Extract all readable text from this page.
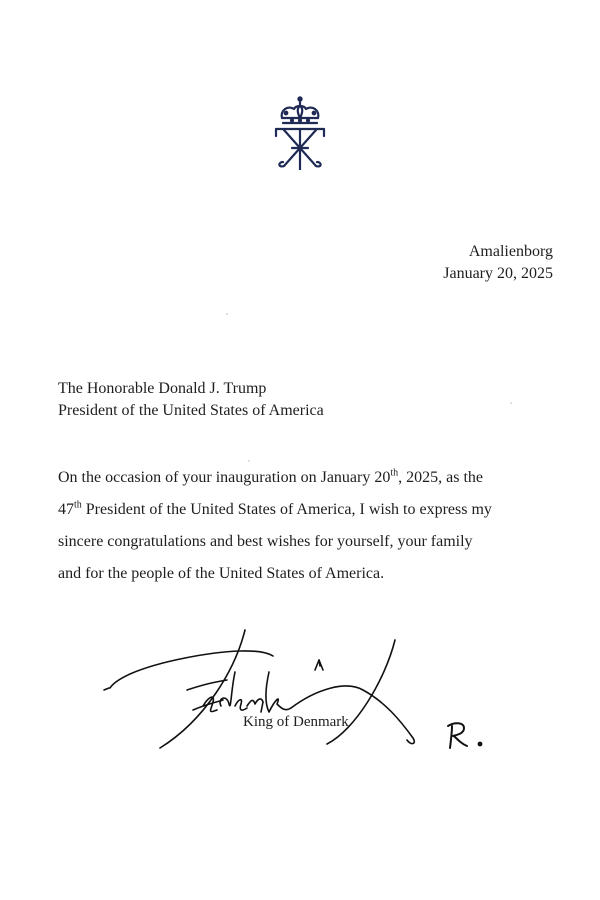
Amalienborg
January 20, 2025
The Honorable Donald J. Trump
President of the United States of America
On the occasion of your inauguration on January 20th, 2025, as the
47th President of the United States of America, I wish to express my
sincere congratulations and best wishes for yourself, your family
and for the people of the United States of America.
King of Denmark
